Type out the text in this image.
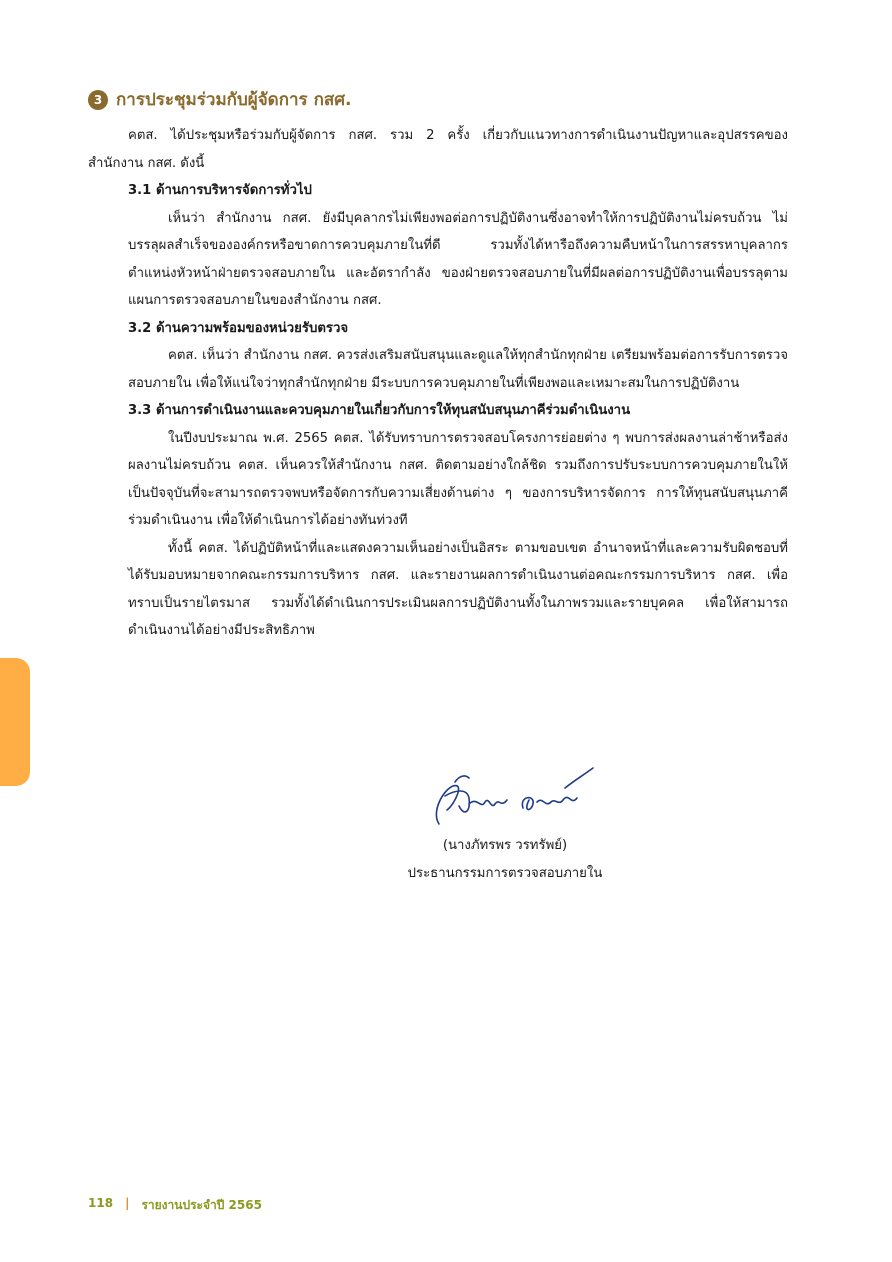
3 การประชุมร่วมกับผู้จัดการ กสศ.

คตส. ได้ประชุมหรือร่วมกับผู้จัดการ กสศ. รวม 2 ครั้ง เกี่ยวกับแนวทางการดำเนินงานปัญหาและอุปสรรคของสำนักงาน กสศ. ดังนี้

3.1 ด้านการบริหารจัดการทั่วไป

เห็นว่า สำนักงาน กสศ. ยังมีบุคลากรไม่เพียงพอต่อการปฏิบัติงานซึ่งอาจทำให้การปฏิบัติงานไม่ครบถ้วน ไม่บรรลุผลสำเร็จขององค์กรหรือขาดการควบคุมภายในที่ดี รวมทั้งได้หารือถึงความคืบหน้าในการสรรหาบุคลากรตำแหน่งหัวหน้าฝ่ายตรวจสอบภายใน และอัตรากำลัง ของฝ่ายตรวจสอบภายในที่มีผลต่อการปฏิบัติงานเพื่อบรรลุตามแผนการตรวจสอบภายในของสำนักงาน กสศ.

3.2 ด้านความพร้อมของหน่วยรับตรวจ

คตส. เห็นว่า สำนักงาน กสศ. ควรส่งเสริมสนับสนุนและดูแลให้ทุกสำนักทุกฝ่าย เตรียมพร้อมต่อการรับการตรวจสอบภายใน เพื่อให้แน่ใจว่าทุกสำนักทุกฝ่าย มีระบบการควบคุมภายในที่เพียงพอและเหมาะสมในการปฏิบัติงาน

3.3 ด้านการดำเนินงานและควบคุมภายในเกี่ยวกับการให้ทุนสนับสนุนภาคีร่วมดำเนินงาน

ในปีงบประมาณ พ.ศ. 2565 คตส. ได้รับทราบการตรวจสอบโครงการย่อยต่าง ๆ พบการส่งผลงานล่าช้าหรือส่งผลงานไม่ครบถ้วน คตส. เห็นควรให้สำนักงาน กสศ. ติดตามอย่างใกล้ชิด รวมถึงการปรับระบบการควบคุมภายในให้เป็นปัจจุบันที่จะสามารถตรวจพบหรือจัดการกับความเสี่ยงด้านต่าง ๆ ของการบริหารจัดการ การให้ทุนสนับสนุนภาคีร่วมดำเนินงาน เพื่อให้ดำเนินการได้อย่างทันท่วงที

ทั้งนี้ คตส. ได้ปฏิบัติหน้าที่และแสดงความเห็นอย่างเป็นอิสระ ตามขอบเขต อำนาจหน้าที่และความรับผิดชอบที่ได้รับมอบหมายจากคณะกรรมการบริหาร กสศ. และรายงานผลการดำเนินงานต่อคณะกรรมการบริหาร กสศ. เพื่อทราบเป็นรายไตรมาส รวมทั้งได้ดำเนินการประเมินผลการปฏิบัติงานทั้งในภาพรวมและรายบุคคล เพื่อให้สามารถดำเนินงานได้อย่างมีประสิทธิภาพ

(นางภัทรพร วรทรัพย์)
ประธานกรรมการตรวจสอบภายใน
118 | รายงานประจำปี 2565
